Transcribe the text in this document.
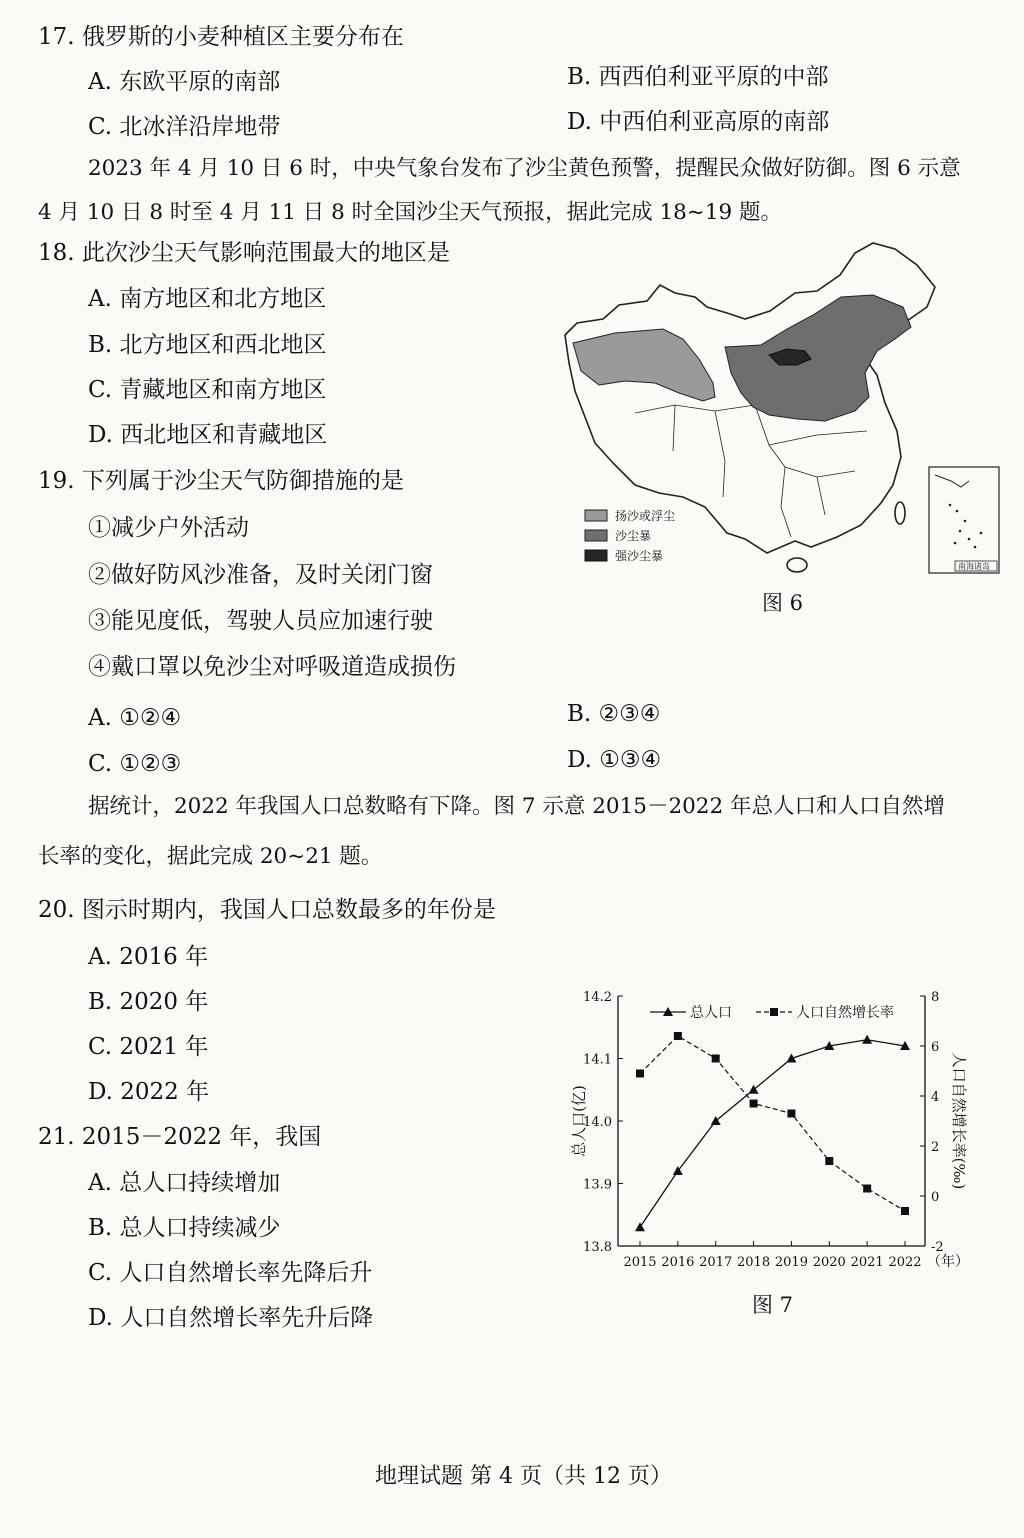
17. 俄罗斯的小麦种植区主要分布在
A. 东欧平原的南部	B. 西西伯利亚平原的中部
C. 北冰洋沿岸地带	D. 中西伯利亚高原的南部
2023 年 4 月 10 日 6 时，中央气象台发布了沙尘黄色预警，提醒民众做好防御。图 6 示意
4 月 10 日 8 时至 4 月 11 日 8 时全国沙尘天气预报，据此完成 18~19 题。
18. 此次沙尘天气影响范围最大的地区是
A. 南方地区和北方地区
B. 北方地区和西北地区
C. 青藏地区和南方地区
D. 西北地区和青藏地区
19. 下列属于沙尘天气防御措施的是
①减少户外活动
②做好防风沙准备，及时关闭门窗
③能见度低，驾驶人员应加速行驶
④戴口罩以免沙尘对呼吸道造成损伤
A. ①②④	B. ②③④
C. ①②③	D. ①③④
南海诸岛
扬沙或浮尘
沙尘暴
强沙尘暴
图 6
据统计，2022 年我国人口总数略有下降。图 7 示意 2015－2022 年总人口和人口自然增
长率的变化，据此完成 20~21 题。
20. 图示时期内，我国人口总数最多的年份是
A. 2016 年
B. 2020 年
C. 2021 年
D. 2022 年
21. 2015－2022 年，我国
A. 总人口持续增加
B. 总人口持续减少
C. 人口自然增长率先降后升
D. 人口自然增长率先升后降
13.8
13.9
14.0
14.1
14.2
-2
0
2
4
6
8
2015 2016 2017 2018 2019 2020 2021 2022 （年）
总人口(亿)	人口自然增长率(‰)
总人口	人口自然增长率
图 7
地理试题 第 4 页（共 12 页）
